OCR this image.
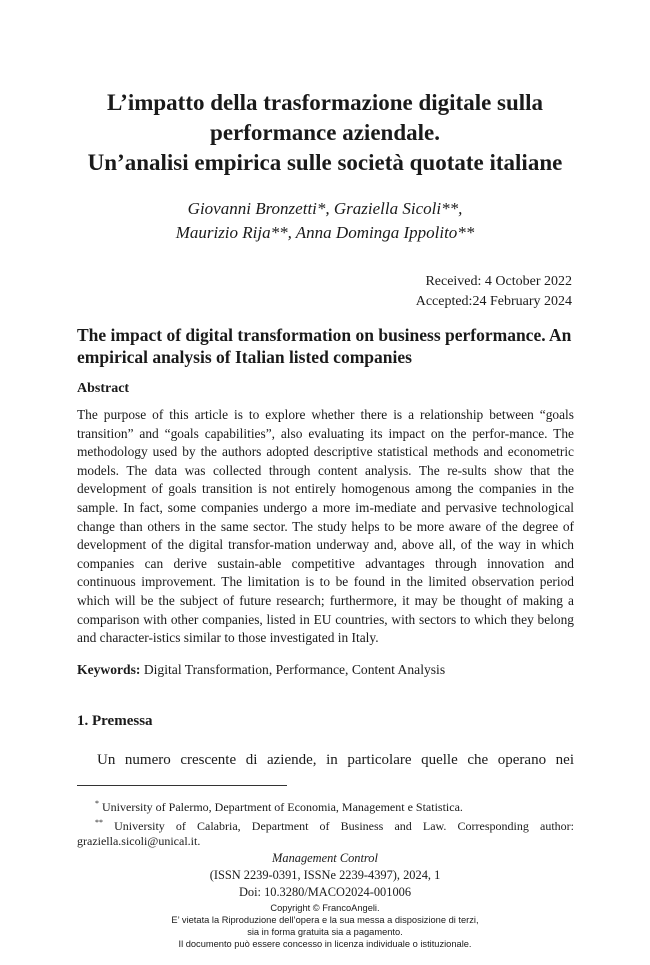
L’impatto della trasformazione digitale sulla
performance aziendale.
Un’analisi empirica sulle società quotate italiane
Giovanni Bronzetti*, Graziella Sicoli**,
Maurizio Rija**, Anna Dominga Ippolito**
Received: 4 October 2022
Accepted:24 February 2024
The impact of digital transformation on business performance. An empirical analysis of Italian listed companies
Abstract

The purpose of this article is to explore whether there is a relationship between “goals transition” and “goals capabilities”, also evaluating its impact on the perfor-mance. The methodology used by the authors adopted descriptive statistical methods and econometric models. The data was collected through content analysis. The re-sults show that the development of goals transition is not entirely homogenous among the companies in the sample. In fact, some companies undergo a more im-mediate and pervasive technological change than others in the same sector. The study helps to be more aware of the degree of development of the digital transfor-mation underway and, above all, of the way in which companies can derive sustain-able competitive advantages through innovation and continuous improvement. The limitation is to be found in the limited observation period which will be the subject of future research; furthermore, it may be thought of making a comparison with other companies, listed in EU countries, with sectors to which they belong and character-istics similar to those investigated in Italy.

Keywords: Digital Transformation, Performance, Content Analysis
1. Premessa

Un numero crescente di aziende, in particolare quelle che operano nei

* University of Palermo, Department of Economia, Management e Statistica.

** University of Calabria, Department of Business and Law. Corresponding author: graziella.sicoli@unical.it.

Management Control
(ISSN 2239-0391, ISSNe 2239-4397), 2024, 1
Doi: 10.3280/MACO2024-001006
Copyright © FrancoAngeli.
E’ vietata la Riproduzione dell’opera e la sua messa a disposizione di terzi,
sia in forma gratuita sia a pagamento.
Il documento può essere concesso in licenza individuale o istituzionale.
